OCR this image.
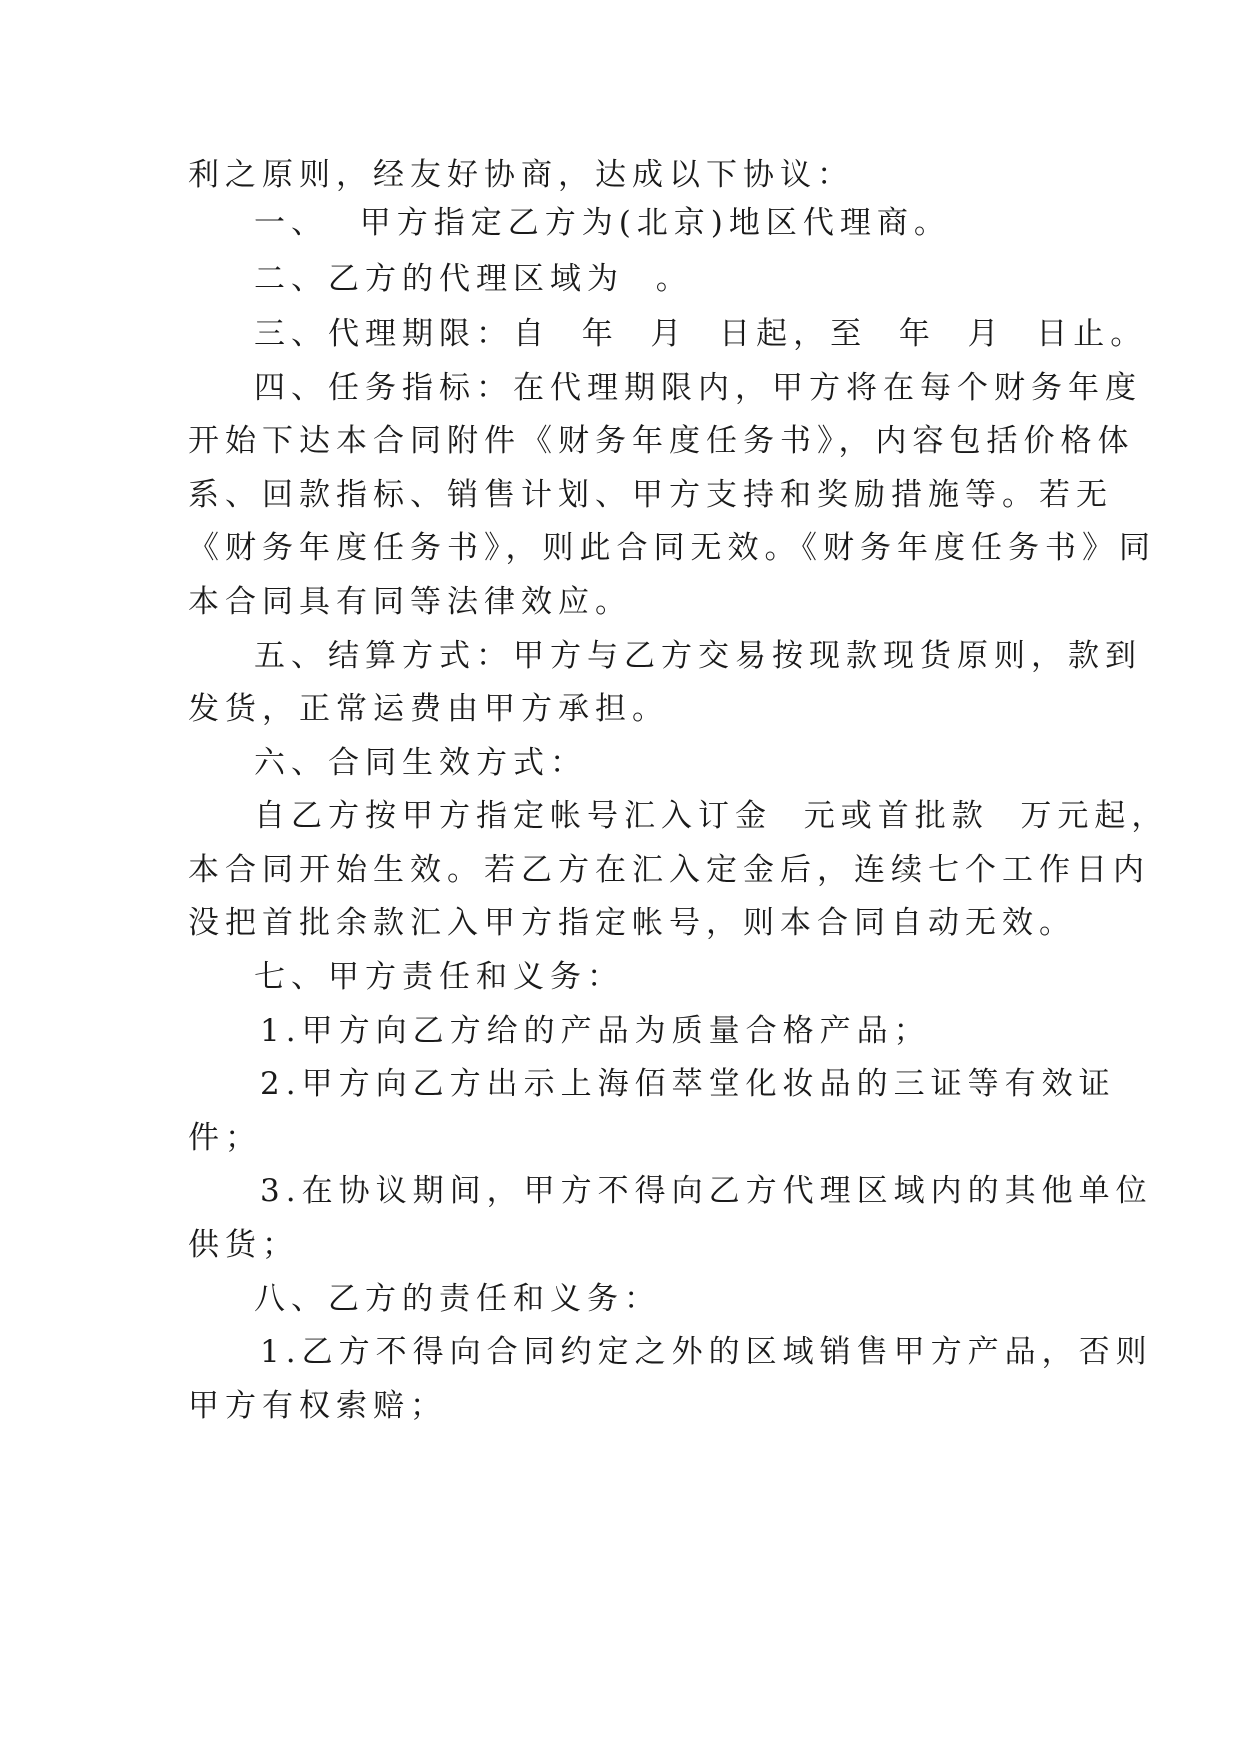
利之原则，经友好协商，达成以下协议：
一、  甲方指定乙方为(北京)地区代理商。
二、乙方的代理区域为  。
三、代理期限：自  年  月  日起，至  年  月  日止。
四、任务指标：在代理期限内，甲方将在每个财务年度
开始下达本合同附件《财务年度任务书》，内容包括价格体
系、回款指标、销售计划、甲方支持和奖励措施等。若无
《财务年度任务书》，则此合同无效。《财务年度任务书》同
本合同具有同等法律效应。
五、结算方式：甲方与乙方交易按现款现货原则，款到
发货，正常运费由甲方承担。
六、合同生效方式：
自乙方按甲方指定帐号汇入订金  元或首批款  万元起，
本合同开始生效。若乙方在汇入定金后，连续七个工作日内
没把首批余款汇入甲方指定帐号，则本合同自动无效。
七、甲方责任和义务：
1.甲方向乙方给的产品为质量合格产品；
2.甲方向乙方出示上海佰萃堂化妆品的三证等有效证
件；
3.在协议期间，甲方不得向乙方代理区域内的其他单位
供货；
八、乙方的责任和义务：
1.乙方不得向合同约定之外的区域销售甲方产品，否则
甲方有权索赔；
